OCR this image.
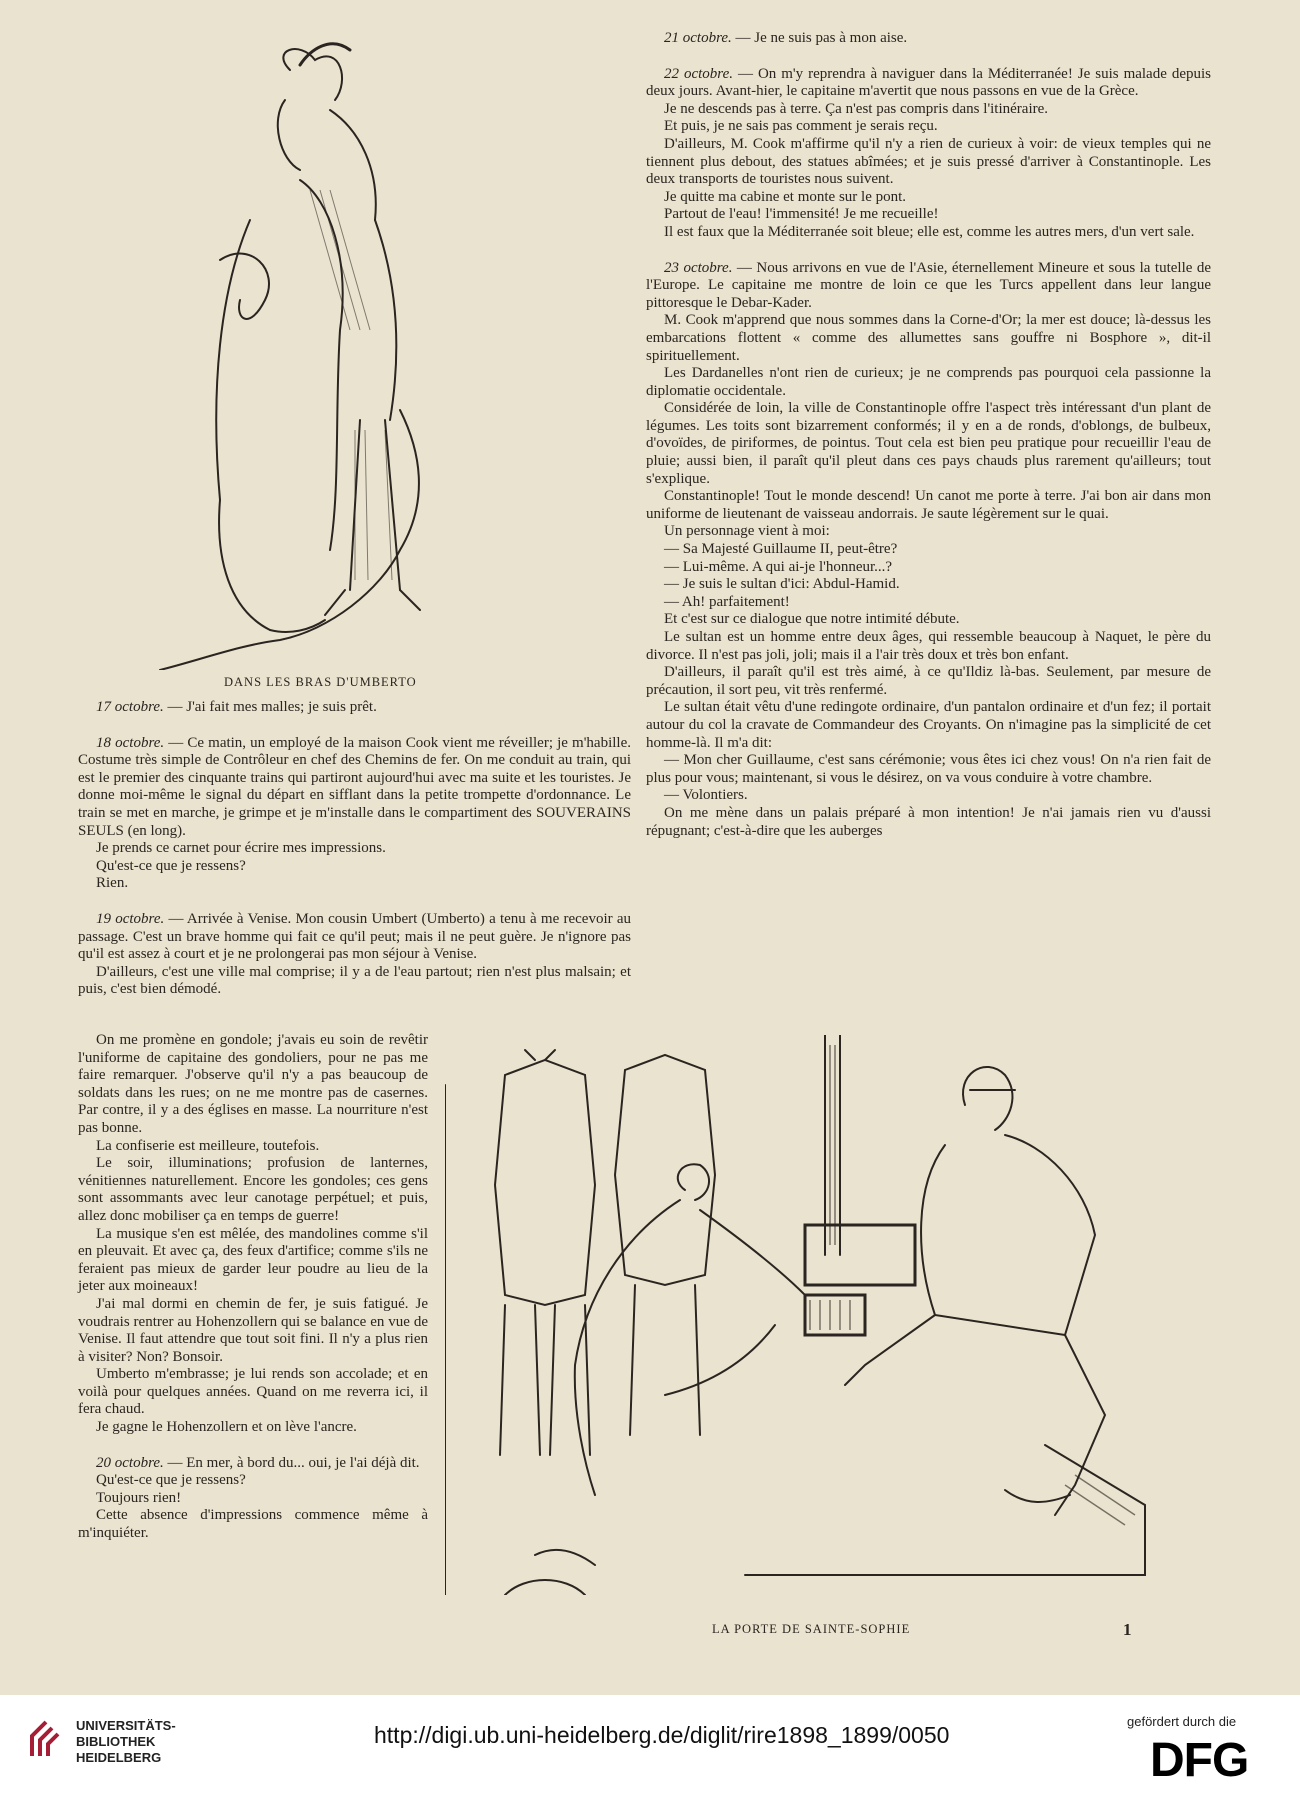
DANS LES BRAS D'UMBERTO

17 octobre. — J'ai fait mes malles; je suis prêt.

18 octobre. — Ce matin, un employé de la maison Cook vient me réveiller; je m'habille. Costume très simple de Contrôleur en chef des Chemins de fer. On me conduit au train, qui est le premier des cinquante trains qui partiront aujourd'hui avec ma suite et les touristes. Je donne moi-même le signal du départ en sifflant dans la petite trompette d'ordonnance. Le train se met en marche, je grimpe et je m'installe dans le compartiment des SOUVERAINS SEULS (en long).

Je prends ce carnet pour écrire mes impressions.

Qu'est-ce que je ressens?

Rien.

19 octobre. — Arrivée à Venise. Mon cousin Umbert (Umberto) a tenu à me recevoir au passage. C'est un brave homme qui fait ce qu'il peut; mais il ne peut guère. Je n'ignore pas qu'il est assez à court et je ne prolongerai pas mon séjour à Venise.

D'ailleurs, c'est une ville mal comprise; il y a de l'eau partout; rien n'est plus malsain; et puis, c'est bien démodé.

On me promène en gondole; j'avais eu soin de revêtir l'uniforme de capitaine des gondoliers, pour ne pas me faire remarquer. J'observe qu'il n'y a pas beaucoup de soldats dans les rues; on ne me montre pas de casernes. Par contre, il y a des églises en masse. La nourriture n'est pas bonne.

La confiserie est meilleure, toutefois.

Le soir, illuminations; profusion de lanternes, vénitiennes naturellement. Encore les gondoles; ces gens sont assommants avec leur canotage perpétuel; et puis, allez donc mobiliser ça en temps de guerre!

La musique s'en est mêlée, des mandolines comme s'il en pleuvait. Et avec ça, des feux d'artifice; comme s'ils ne feraient pas mieux de garder leur poudre au lieu de la jeter aux moineaux!

J'ai mal dormi en chemin de fer, je suis fatigué. Je voudrais rentrer au Hohenzollern qui se balance en vue de Venise. Il faut attendre que tout soit fini. Il n'y a plus rien à visiter? Non? Bonsoir.

Umberto m'embrasse; je lui rends son accolade; et en voilà pour quelques années. Quand on me reverra ici, il fera chaud.

Je gagne le Hohenzollern et on lève l'ancre.

20 octobre. — En mer, à bord du... oui, je l'ai déjà dit.

Qu'est-ce que je ressens?

Toujours rien!

Cette absence d'impressions commence même à m'inquiéter.

21 octobre. — Je ne suis pas à mon aise.

22 octobre. — On m'y reprendra à naviguer dans la Méditerranée! Je suis malade depuis deux jours. Avant-hier, le capitaine m'avertit que nous passons en vue de la Grèce.

Je ne descends pas à terre. Ça n'est pas compris dans l'itinéraire.

Et puis, je ne sais pas comment je serais reçu.

D'ailleurs, M. Cook m'affirme qu'il n'y a rien de curieux à voir: de vieux temples qui ne tiennent plus debout, des statues abîmées; et je suis pressé d'arriver à Constantinople. Les deux transports de touristes nous suivent.

Je quitte ma cabine et monte sur le pont.

Partout de l'eau! l'immensité! Je me recueille!

Il est faux que la Méditerranée soit bleue; elle est, comme les autres mers, d'un vert sale.

23 octobre. — Nous arrivons en vue de l'Asie, éternellement Mineure et sous la tutelle de l'Europe. Le capitaine me montre de loin ce que les Turcs appellent dans leur langue pittoresque le Debar-Kader.

M. Cook m'apprend que nous sommes dans la Corne-d'Or; la mer est douce; là-dessus les embarcations flottent « comme des allumettes sans gouffre ni Bosphore », dit-il spirituellement.

Les Dardanelles n'ont rien de curieux; je ne comprends pas pourquoi cela passionne la diplomatie occidentale.

Considérée de loin, la ville de Constantinople offre l'aspect très intéressant d'un plant de légumes. Les toits sont bizarrement conformés; il y en a de ronds, d'oblongs, de bulbeux, d'ovoïdes, de piriformes, de pointus. Tout cela est bien peu pratique pour recueillir l'eau de pluie; aussi bien, il paraît qu'il pleut dans ces pays chauds plus rarement qu'ailleurs; tout s'explique.

Constantinople! Tout le monde descend! Un canot me porte à terre. J'ai bon air dans mon uniforme de lieutenant de vaisseau andorrais. Je saute légèrement sur le quai.

Un personnage vient à moi:

— Sa Majesté Guillaume II, peut-être?

— Lui-même. A qui ai-je l'honneur...?

— Je suis le sultan d'ici: Abdul-Hamid.

— Ah! parfaitement!

Et c'est sur ce dialogue que notre intimité débute.

Le sultan est un homme entre deux âges, qui ressemble beaucoup à Naquet, le père du divorce. Il n'est pas joli, joli; mais il a l'air très doux et très bon enfant.

D'ailleurs, il paraît qu'il est très aimé, à ce qu'Ildiz là-bas. Seulement, par mesure de précaution, il sort peu, vit très renfermé.

Le sultan était vêtu d'une redingote ordinaire, d'un pantalon ordinaire et d'un fez; il portait autour du col la cravate de Commandeur des Croyants. On n'imagine pas la simplicité de cet homme-là. Il m'a dit:

— Mon cher Guillaume, c'est sans cérémonie; vous êtes ici chez vous! On n'a rien fait de plus pour vous; maintenant, si vous le désirez, on va vous conduire à votre chambre.

— Volontiers.

On me mène dans un palais préparé à mon intention! Je n'ai jamais rien vu d'aussi répugnant; c'est-à-dire que les auberges

LA PORTE DE SAINTE-SOPHIE	1
UNIVERSITÄTS-
BIBLIOTHEK
HEIDELBERG
http://digi.ub.uni-heidelberg.de/diglit/rire1898_1899/0050
gefördert durch die
DFG
